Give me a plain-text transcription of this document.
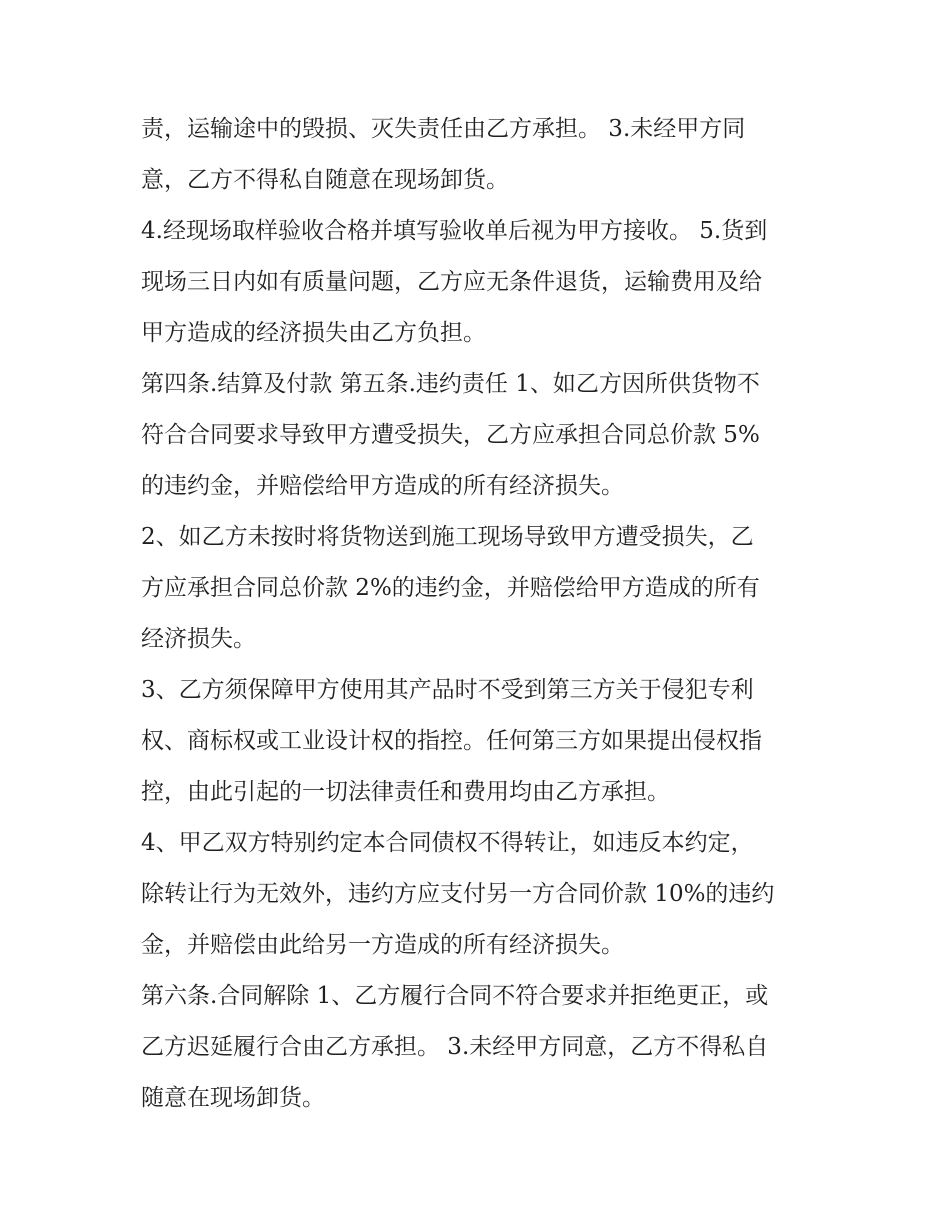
责，运输途中的毁损、灭失责任由乙方承担。 3.未经甲方同
意，乙方不得私自随意在现场卸货。

4.经现场取样验收合格并填写验收单后视为甲方接收。 5.货到
现场三日内如有质量问题，乙方应无条件退货，运输费用及给
甲方造成的经济损失由乙方负担。

第四条.结算及付款 第五条.违约责任 1、如乙方因所供货物不
符合合同要求导致甲方遭受损失，乙方应承担合同总价款 5%
的违约金，并赔偿给甲方造成的所有经济损失。

2、如乙方未按时将货物送到施工现场导致甲方遭受损失，乙
方应承担合同总价款 2%的违约金，并赔偿给甲方造成的所有
经济损失。

3、乙方须保障甲方使用其产品时不受到第三方关于侵犯专利
权、商标权或工业设计权的指控。任何第三方如果提出侵权指
控，由此引起的一切法律责任和费用均由乙方承担。

4、甲乙双方特别约定本合同债权不得转让，如违反本约定，
除转让行为无效外，违约方应支付另一方合同价款 10%的违约
金，并赔偿由此给另一方造成的所有经济损失。

第六条.合同解除 1、乙方履行合同不符合要求并拒绝更正，或
乙方迟延履行合由乙方承担。 3.未经甲方同意，乙方不得私自
随意在现场卸货。
